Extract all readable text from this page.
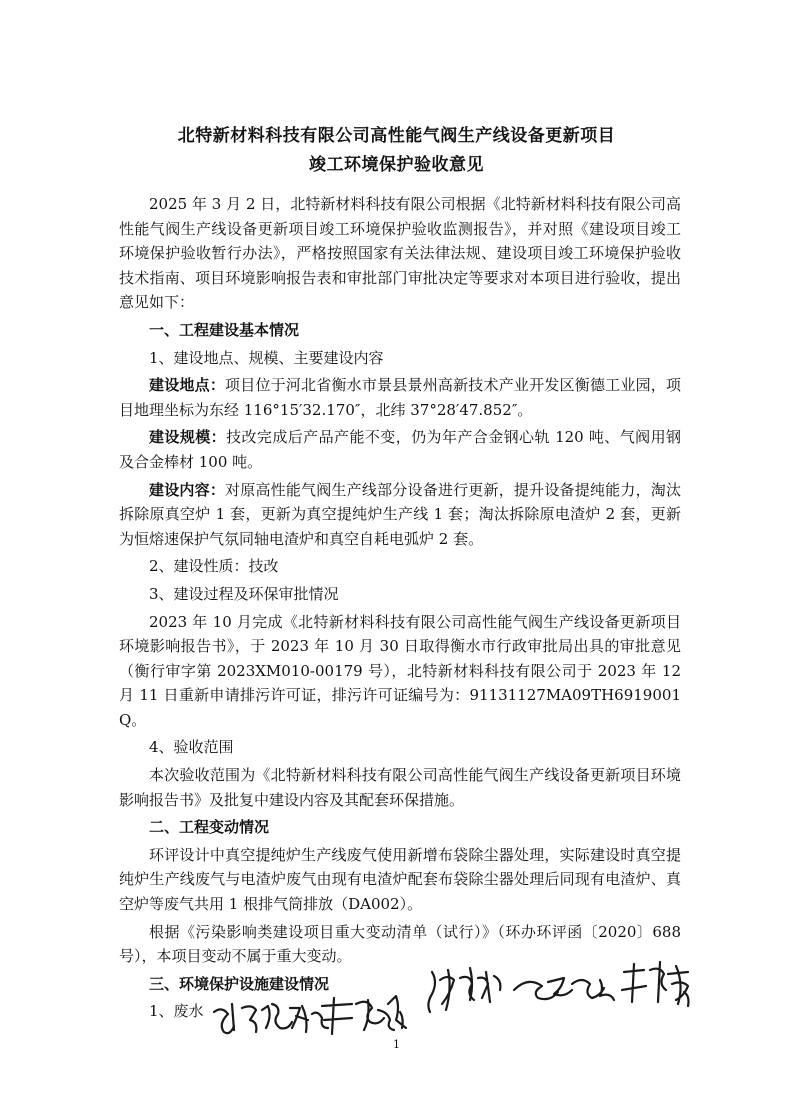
北特新材料科技有限公司高性能气阀生产线设备更新项目
竣工环境保护验收意见

2025 年 3 月 2 日，北特新材料科技有限公司根据《北特新材料科技有限公司高性能气阀生产线设备更新项目竣工环境保护验收监测报告》，并对照《建设项目竣工环境保护验收暂行办法》，严格按照国家有关法律法规、建设项目竣工环境保护验收技术指南、项目环境影响报告表和审批部门审批决定等要求对本项目进行验收，提出意见如下：

一、工程建设基本情况

1、建设地点、规模、主要建设内容

建设地点：项目位于河北省衡水市景县景州高新技术产业开发区衡德工业园，项目地理坐标为东经 116°15′32.170″，北纬 37°28′47.852″。

建设规模：技改完成后产品产能不变，仍为年产合金钢心轨 120 吨、气阀用钢及合金棒材 100 吨。

建设内容：对原高性能气阀生产线部分设备进行更新，提升设备提纯能力，淘汰拆除原真空炉 1 套，更新为真空提纯炉生产线 1 套；淘汰拆除原电渣炉 2 套，更新为恒熔速保护气氛同轴电渣炉和真空自耗电弧炉 2 套。

2、建设性质：技改

3、建设过程及环保审批情况

2023 年 10 月完成《北特新材料科技有限公司高性能气阀生产线设备更新项目环境影响报告书》，于 2023 年 10 月 30 日取得衡水市行政审批局出具的审批意见（衡行审字第 2023XM010-00179 号），北特新材料科技有限公司于 2023 年 12 月 11 日重新申请排污许可证，排污许可证编号为：91131127MA09TH6919001Q。

4、验收范围

本次验收范围为《北特新材料科技有限公司高性能气阀生产线设备更新项目环境影响报告书》及批复中建设内容及其配套环保措施。

二、工程变动情况

环评设计中真空提纯炉生产线废气使用新增布袋除尘器处理，实际建设时真空提纯炉生产线废气与电渣炉废气由现有电渣炉配套布袋除尘器处理后同现有电渣炉、真空炉等废气共用 1 根排气筒排放（DA002）。

根据《污染影响类建设项目重大变动清单（试行）》（环办环评函〔2020〕688 号），本项目变动不属于重大变动。

三、环境保护设施建设情况

1、废水

1
